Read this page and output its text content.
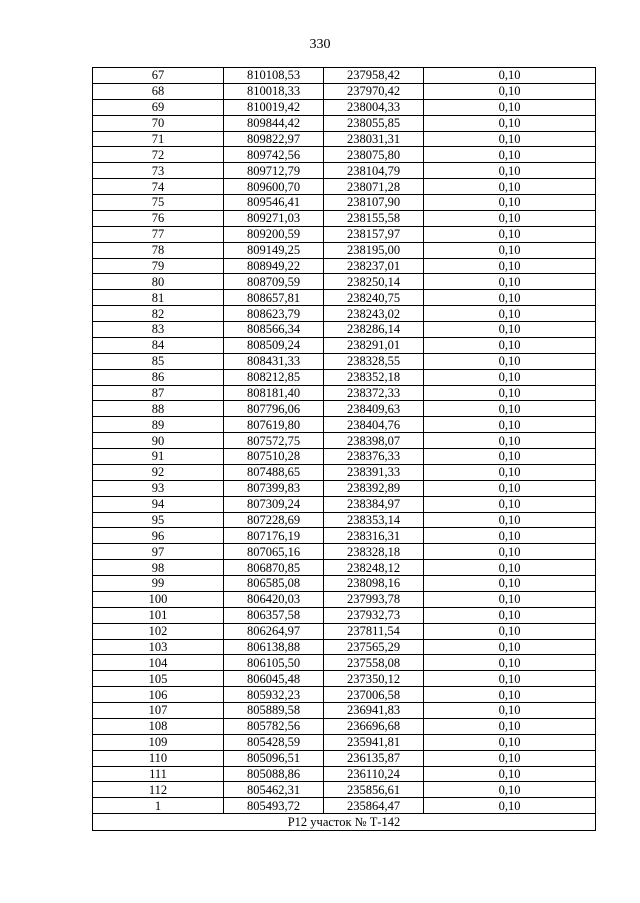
330
67	810108,53	237958,42	0,10
68	810018,33	237970,42	0,10
69	810019,42	238004,33	0,10
70	809844,42	238055,85	0,10
71	809822,97	238031,31	0,10
72	809742,56	238075,80	0,10
73	809712,79	238104,79	0,10
74	809600,70	238071,28	0,10
75	809546,41	238107,90	0,10
76	809271,03	238155,58	0,10
77	809200,59	238157,97	0,10
78	809149,25	238195,00	0,10
79	808949,22	238237,01	0,10
80	808709,59	238250,14	0,10
81	808657,81	238240,75	0,10
82	808623,79	238243,02	0,10
83	808566,34	238286,14	0,10
84	808509,24	238291,01	0,10
85	808431,33	238328,55	0,10
86	808212,85	238352,18	0,10
87	808181,40	238372,33	0,10
88	807796,06	238409,63	0,10
89	807619,80	238404,76	0,10
90	807572,75	238398,07	0,10
91	807510,28	238376,33	0,10
92	807488,65	238391,33	0,10
93	807399,83	238392,89	0,10
94	807309,24	238384,97	0,10
95	807228,69	238353,14	0,10
96	807176,19	238316,31	0,10
97	807065,16	238328,18	0,10
98	806870,85	238248,12	0,10
99	806585,08	238098,16	0,10
100	806420,03	237993,78	0,10
101	806357,58	237932,73	0,10
102	806264,97	237811,54	0,10
103	806138,88	237565,29	0,10
104	806105,50	237558,08	0,10
105	806045,48	237350,12	0,10
106	805932,23	237006,58	0,10
107	805889,58	236941,83	0,10
108	805782,56	236696,68	0,10
109	805428,59	235941,81	0,10
110	805096,51	236135,87	0,10
111	805088,86	236110,24	0,10
112	805462,31	235856,61	0,10
1	805493,72	235864,47	0,10
Р12 участок № Т-142			
